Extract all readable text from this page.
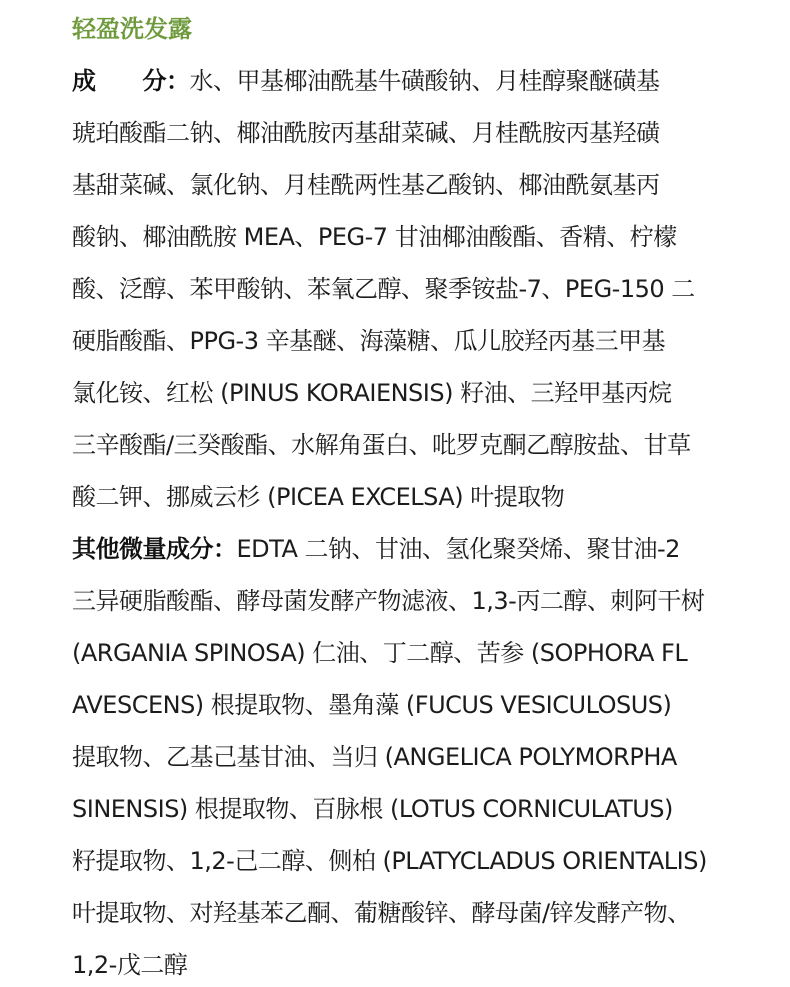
轻盈洗发露
成　　分：水、甲基椰油酰基牛磺酸钠、月桂醇聚醚磺基
琥珀酸酯二钠、椰油酰胺丙基甜菜碱、月桂酰胺丙基羟磺
基甜菜碱、氯化钠、月桂酰两性基乙酸钠、椰油酰氨基丙
酸钠、椰油酰胺 MEA、PEG-7 甘油椰油酸酯、香精、柠檬
酸、泛醇、苯甲酸钠、苯氧乙醇、聚季铵盐-7、PEG-150 二
硬脂酸酯、PPG-3 辛基醚、海藻糖、瓜儿胶羟丙基三甲基
氯化铵、红松 (PINUS KORAIENSIS) 籽油、三羟甲基丙烷
三辛酸酯/三癸酸酯、水解角蛋白、吡罗克酮乙醇胺盐、甘草
酸二钾、挪威云杉 (PICEA EXCELSA) 叶提取物
其他微量成分：EDTA 二钠、甘油、氢化聚癸烯、聚甘油-2
三异硬脂酸酯、酵母菌发酵产物滤液、1,3-丙二醇、刺阿干树
(ARGANIA SPINOSA) 仁油、丁二醇、苦参 (SOPHORA FL
AVESCENS) 根提取物、墨角藻 (FUCUS VESICULOSUS)
提取物、乙基己基甘油、当归 (ANGELICA POLYMORPHA
SINENSIS) 根提取物、百脉根 (LOTUS CORNICULATUS)
籽提取物、1,2-己二醇、侧柏 (PLATYCLADUS ORIENTALIS)
叶提取物、对羟基苯乙酮、葡糖酸锌、酵母菌/锌发酵产物、
1,2-戊二醇
